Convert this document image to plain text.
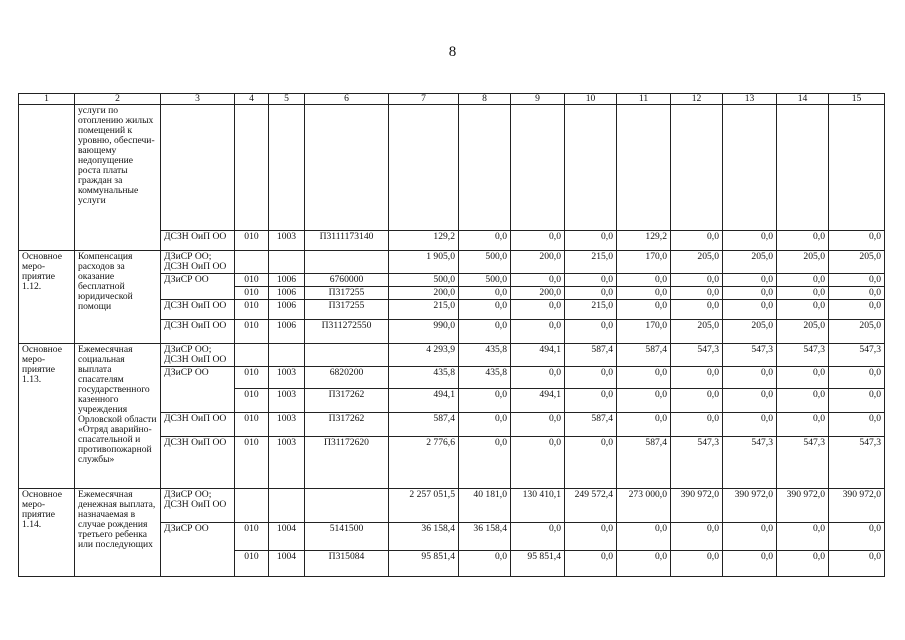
8
1	2	3	4	5	6	7	8	9	10	11	12	13	14	15
	услуги по отоплению жилых помещений к уровню, обеспечи-вающему недопущение роста платы граждан за коммунальные услуги													
		ДСЗН ОиП ОО	010	1003	П3111173140	129,2	0,0	0,0	0,0	129,2	0,0	0,0	0,0	0,0
Основное меро-приятие 1.12.	Компенсация расходов за оказание бесплатной юридической помощи	ДЗиСР ОО; ДСЗН ОиП ОО				1 905,0	500,0	200,0	215,0	170,0	205,0	205,0	205,0	205,0
		ДЗиСР ОО	010	1006	6760000	500,0	500,0	0,0	0,0	0,0	0,0	0,0	0,0	0,0
			010	1006	П317255	200,0	0,0	200,0	0,0	0,0	0,0	0,0	0,0	0,0
		ДСЗН ОиП ОО	010	1006	П317255	215,0	0,0	0,0	215,0	0,0	0,0	0,0	0,0	0,0
		ДСЗН ОиП ОО	010	1006	П311272550	990,0	0,0	0,0	0,0	170,0	205,0	205,0	205,0	205,0
Основное меро-приятие 1.13.	Ежемесячная социальная выплата спасателям государственного казенного учреждения Орловской области «Отряд аварийно-спасательной и противопожарной службы»	ДЗиСР ОО; ДСЗН ОиП ОО				4 293,9	435,8	494,1	587,4	587,4	547,3	547,3	547,3	547,3
		ДЗиСР ОО	010	1003	6820200	435,8	435,8	0,0	0,0	0,0	0,0	0,0	0,0	0,0
			010	1003	П317262	494,1	0,0	494,1	0,0	0,0	0,0	0,0	0,0	0,0
		ДСЗН ОиП ОО	010	1003	П317262	587,4	0,0	0,0	587,4	0,0	0,0	0,0	0,0	0,0
		ДСЗН ОиП ОО	010	1003	П31172620	2 776,6	0,0	0,0	0,0	587,4	547,3	547,3	547,3	547,3
Основное меро-приятие 1.14.	Ежемесячная денежная выплата, назначаемая в случае рождения третьего ребенка или последующих	ДЗиСР ОО; ДСЗН ОиП ОО				2 257 051,5	40 181,0	130 410,1	249 572,4	273 000,0	390 972,0	390 972,0	390 972,0	390 972,0
		ДЗиСР ОО	010	1004	5141500	36 158,4	36 158,4	0,0	0,0	0,0	0,0	0,0	0,0	0,0
			010	1004	П315084	95 851,4	0,0	95 851,4	0,0	0,0	0,0	0,0	0,0	0,0
